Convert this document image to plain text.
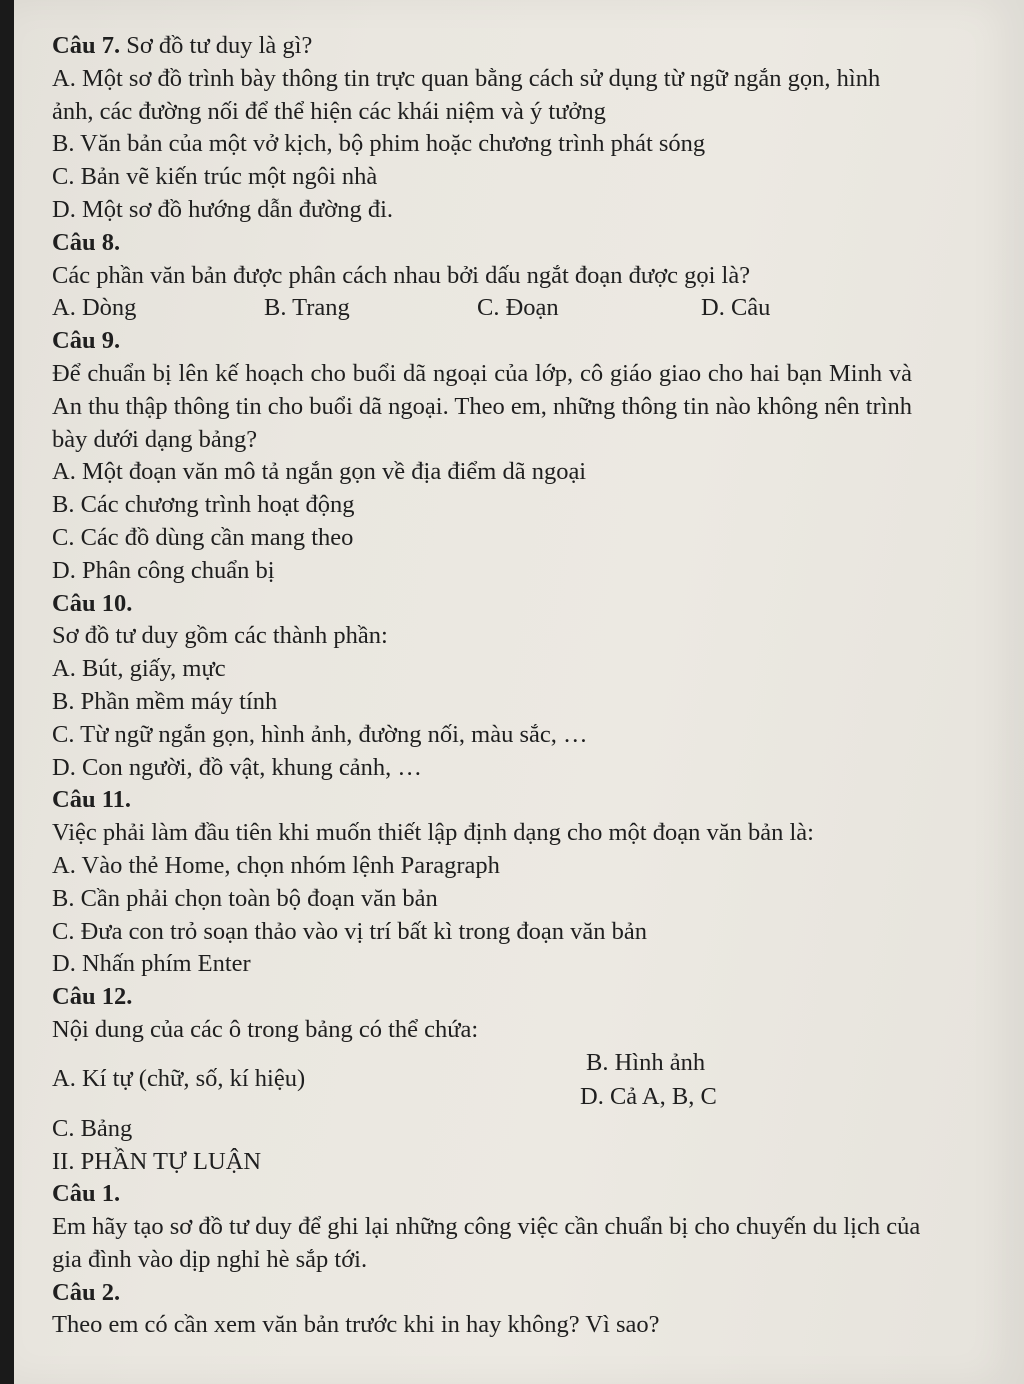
Câu 7. Sơ đồ tư duy là gì?
A. Một sơ đồ trình bày thông tin trực quan bằng cách sử dụng từ ngữ ngắn gọn, hình ảnh, các đường nối để thể hiện các khái niệm và ý tưởng
B. Văn bản của một vở kịch, bộ phim hoặc chương trình phát sóng
C. Bản vẽ kiến trúc một ngôi nhà
D. Một sơ đồ hướng dẫn đường đi.
Câu 8.
Các phần văn bản được phân cách nhau bởi dấu ngắt đoạn được gọi là?
A. Dòng	B. Trang	C. Đoạn	D. Câu
Câu 9.
Để chuẩn bị lên kế hoạch cho buổi dã ngoại của lớp, cô giáo giao cho hai bạn Minh và An thu thập thông tin cho buổi dã ngoại. Theo em, những thông tin nào không nên trình bày dưới dạng bảng?
A. Một đoạn văn mô tả ngắn gọn về địa điểm dã ngoại
B. Các chương trình hoạt động
C. Các đồ dùng cần mang theo
D. Phân công chuẩn bị
Câu 10.
Sơ đồ tư duy gồm các thành phần:
A. Bút, giấy, mực
B. Phần mềm máy tính
C. Từ ngữ ngắn gọn, hình ảnh, đường nối, màu sắc, …
D. Con người, đồ vật, khung cảnh, …
Câu 11.
Việc phải làm đầu tiên khi muốn thiết lập định dạng cho một đoạn văn bản là:
A. Vào thẻ Home, chọn nhóm lệnh Paragraph
B. Cần phải chọn toàn bộ đoạn văn bản
C. Đưa con trỏ soạn thảo vào vị trí bất kì trong đoạn văn bản
D. Nhấn phím Enter
Câu 12.
Nội dung của các ô trong bảng có thể chứa:
A. Kí tự (chữ, số, kí hiệu)
B. Hình ảnh
D. Cả A, B, C
C. Bảng
II. PHẦN TỰ LUẬN
Câu 1.
Em hãy tạo sơ đồ tư duy để ghi lại những công việc cần chuẩn bị cho chuyến du lịch của gia đình vào dịp nghỉ hè sắp tới.
Câu 2.
Theo em có cần xem văn bản trước khi in hay không? Vì sao?
